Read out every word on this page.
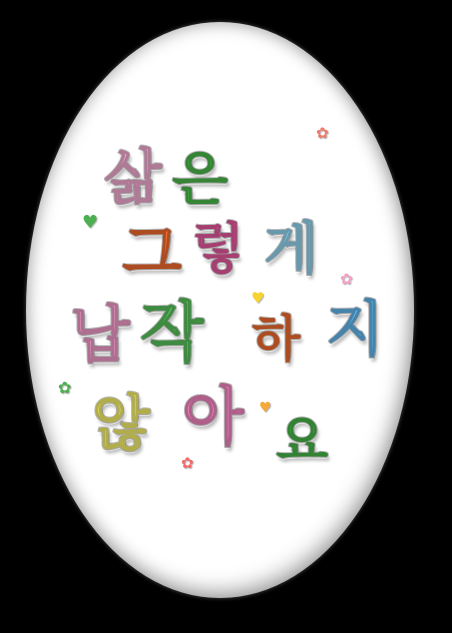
삶 은
그 렇 게
납 작 하 지
않 아 요
♥
♥
♥
✿
✿
✿
✿
